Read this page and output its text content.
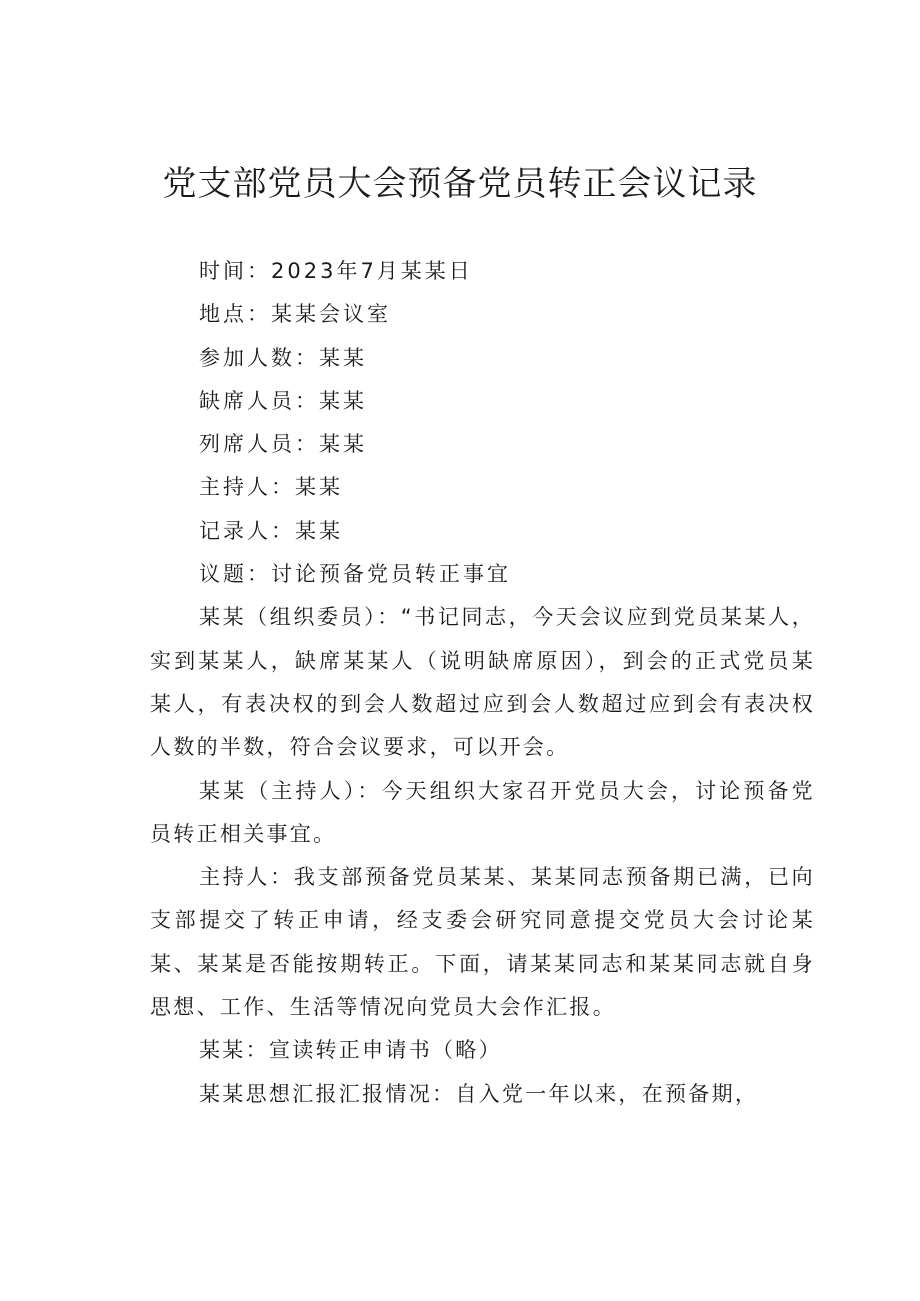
党支部党员大会预备党员转正会议记录

时间：2023年7月某某日

地点：某某会议室

参加人数：某某

缺席人员：某某

列席人员：某某

主持人：某某

记录人：某某

议题：讨论预备党员转正事宜

某某（组织委员）：“书记同志，今天会议应到党员某某人，实到某某人，缺席某某人（说明缺席原因），到会的正式党员某某人，有表决权的到会人数超过应到会人数超过应到会有表决权人数的半数，符合会议要求，可以开会。

某某（主持人）：今天组织大家召开党员大会，讨论预备党员转正相关事宜。

主持人：我支部预备党员某某、某某同志预备期已满，已向支部提交了转正申请，经支委会研究同意提交党员大会讨论某某、某某是否能按期转正。下面，请某某同志和某某同志就自身思想、工作、生活等情况向党员大会作汇报。

某某：宣读转正申请书（略）

某某思想汇报汇报情况：自入党一年以来，在预备期，
